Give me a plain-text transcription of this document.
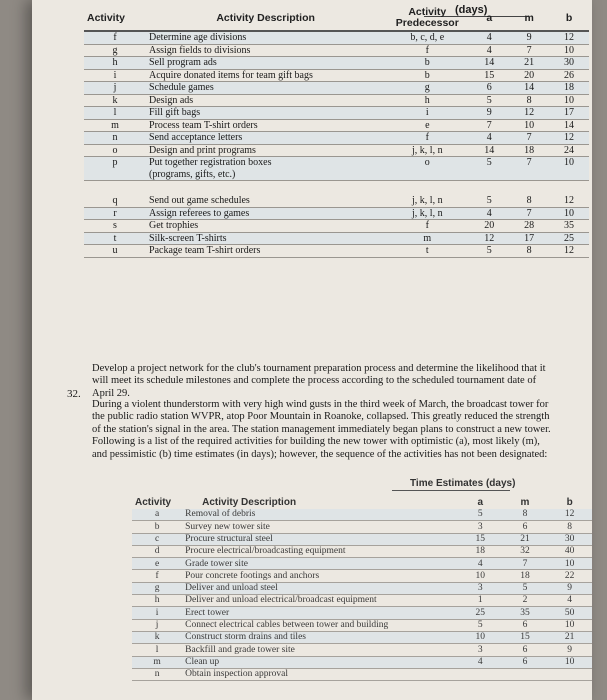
(days)
Activity	Activity Description	Activity Predecessor	a	m	b
f	Determine age divisions	b, c, d, e	4	9	12
g	Assign fields to divisions	f	4	7	10
h	Sell program ads	b	14	21	30
i	Acquire donated items for team gift bags	b	15	20	26
j	Schedule games	g	6	14	18
k	Design ads	h	5	8	10
l	Fill gift bags	i	9	12	17
m	Process team T-shirt orders	e	7	10	14
n	Send acceptance letters	f	4	7	12
o	Design and print programs	j, k, l, n	14	18	24
p	Put together registration boxes	o	5	7	10
	(programs, gifts, etc.)				

q	Send out game schedules	j, k, l, n	5	8	12
r	Assign referees to games	j, k, l, n	4	7	10
s	Get trophies	f	20	28	35
t	Silk-screen T-shirts	m	12	17	25
u	Package team T-shirt orders	t	5	8	12

Develop a project network for the club's tournament preparation process and determine the likelihood that it will meet its schedule milestones and complete the process according to the scheduled tournament date of April 29.

32.

During a violent thunderstorm with very high wind gusts in the third week of March, the broadcast tower for the public radio station WVPR, atop Poor Mountain in Roanoke, collapsed. This greatly reduced the strength of the station's signal in the area. The station management immediately began plans to construct a new tower. Following is a list of the required activities for building the new tower with optimistic (a), most likely (m), and pessimistic (b) time estimates (in days); however, the sequence of the activities has not been designated:

Time Estimates (days)
Activity	Activity Description	a	m	b
a	Removal of debris	5	8	12
b	Survey new tower site	3	6	8
c	Procure structural steel	15	21	30
d	Procure electrical/broadcasting equipment	18	32	40
e	Grade tower site	4	7	10
f	Pour concrete footings and anchors	10	18	22
g	Deliver and unload steel	3	5	9
h	Deliver and unload electrical/broadcast equipment	1	2	4
i	Erect tower	25	35	50
j	Connect electrical cables between tower and building	5	6	10
k	Construct storm drains and tiles	10	15	21
l	Backfill and grade tower site	3	6	9
m	Clean up	4	6	10
n	Obtain inspection approval			
